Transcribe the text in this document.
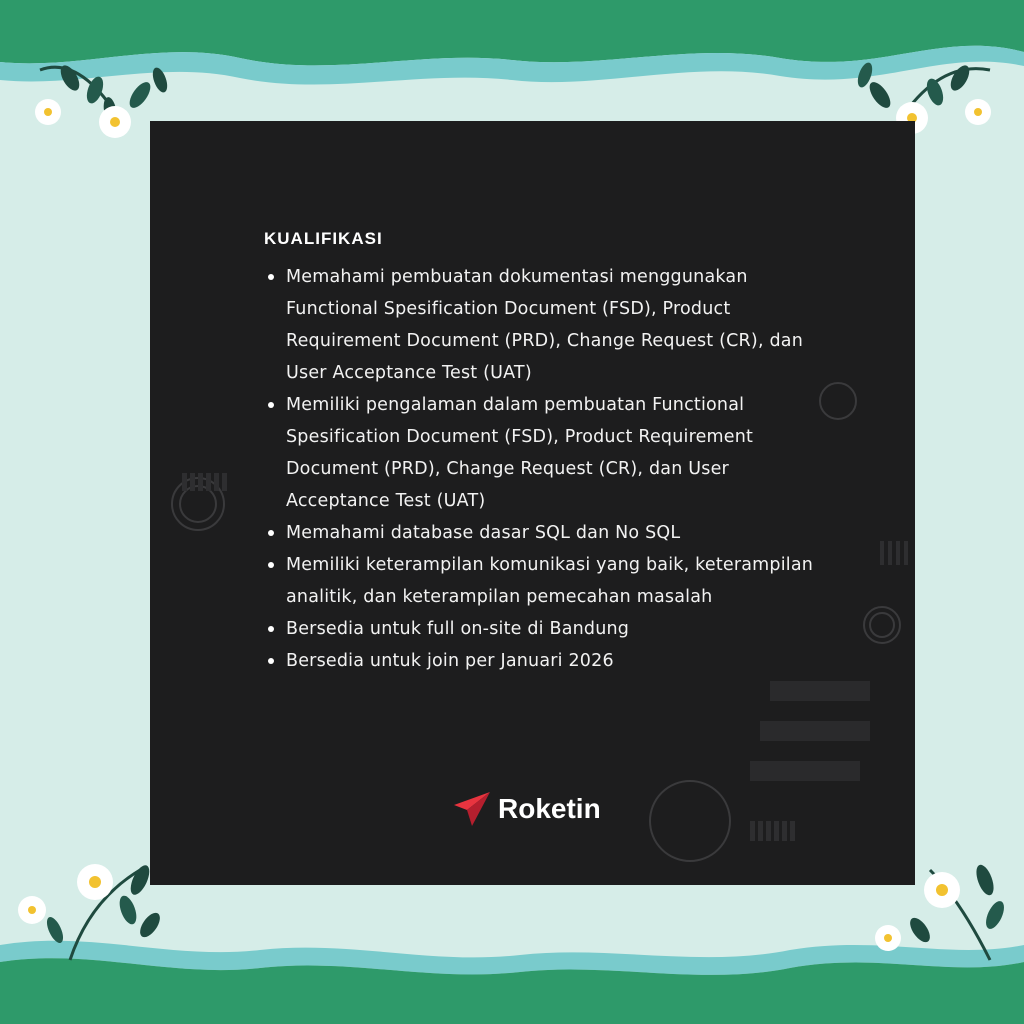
KUALIFIKASI
Memahami pembuatan dokumentasi menggunakan Functional Spesification Document (FSD), Product Requirement Document (PRD), Change Request (CR), dan User Acceptance Test (UAT)
Memiliki pengalaman dalam pembuatan Functional Spesification Document (FSD), Product Requirement Document (PRD), Change Request (CR), dan User Acceptance Test (UAT)
Memahami database dasar SQL dan No SQL
Memiliki keterampilan komunikasi yang baik, keterampilan analitik, dan keterampilan pemecahan masalah
Bersedia untuk full on-site di Bandung
Bersedia untuk join per Januari 2026
Roketin
